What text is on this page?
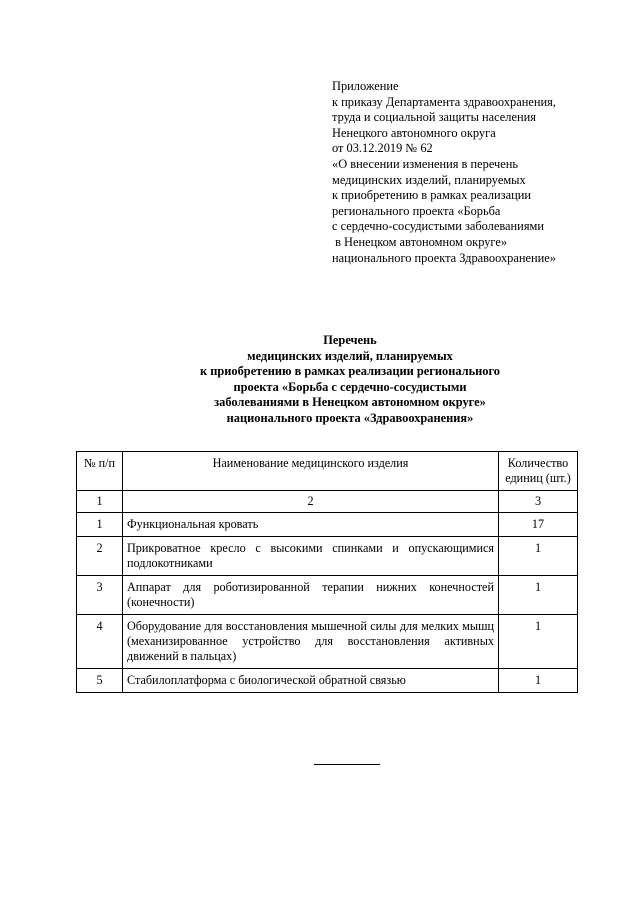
Приложение
к приказу Департамента здравоохранения,
труда и социальной защиты населения
Ненецкого автономного округа
от 03.12.2019 № 62
«О внесении изменения в перечень
медицинских изделий, планируемых
к приобретению в рамках реализации
регионального проекта «Борьба
с сердечно-сосудистыми заболеваниями
в Ненецком автономном округе»
национального проекта Здравоохранение»
Перечень
медицинских изделий, планируемых
к приобретению в рамках реализации регионального
проекта «Борьба с сердечно-сосудистыми
заболеваниями в Ненецком автономном округе»
национального проекта «Здравоохранения»
№ п/п	Наименование медицинского изделия	Количество единиц (шт.)
1	2	3
1	Функциональная кровать	17
2	Прикроватное кресло с высокими спинками и опускающимися подлокотниками	1
3	Аппарат для роботизированной терапии нижних конечностей (конечности)	1
4	Оборудование для восстановления мышечной силы для мелких мышц (механизированное устройство для восстановления активных движений в пальцах)	1
5	Стабилоплатформа с биологической обратной связью	1
